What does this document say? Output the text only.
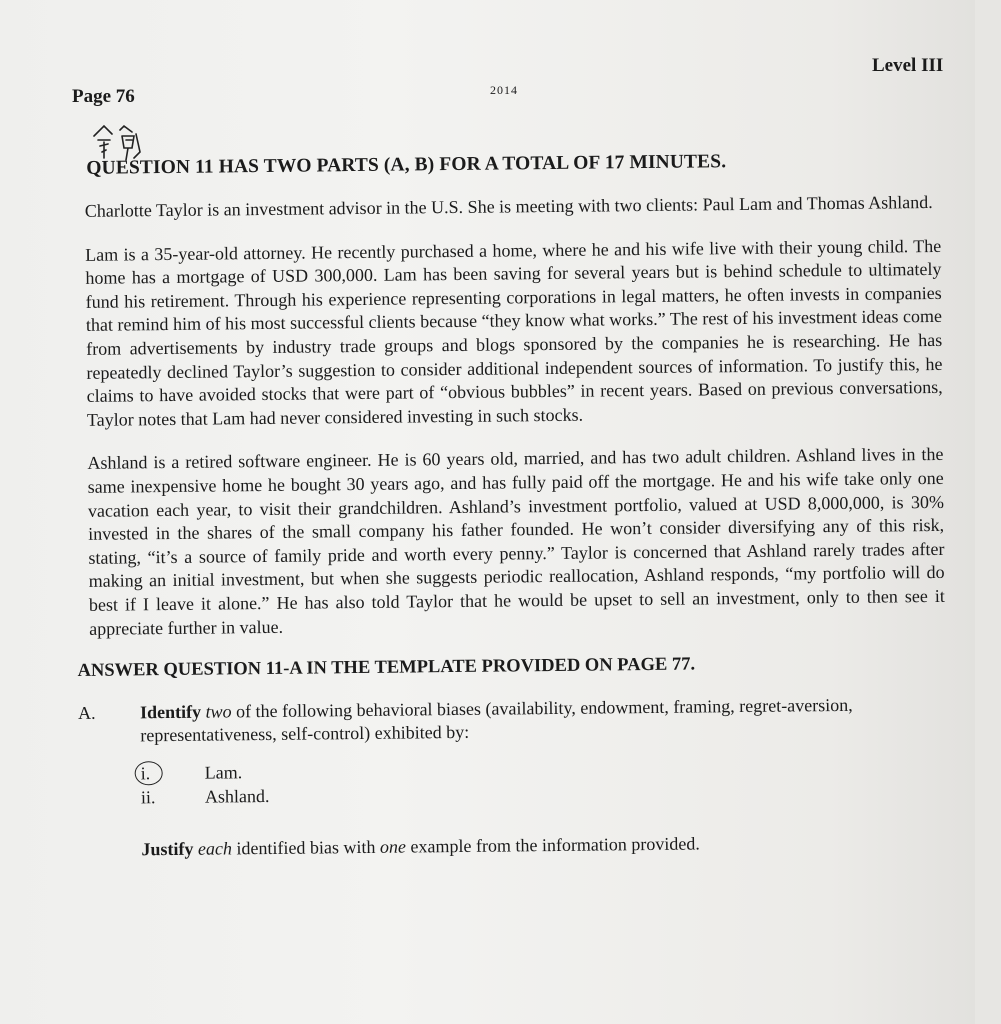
Level III
Page 76	2014
QUESTION 11 HAS TWO PARTS (A, B) FOR A TOTAL OF 17 MINUTES.

Charlotte Taylor is an investment advisor in the U.S. She is meeting with two clients: Paul Lam and Thomas Ashland.

Lam is a 35-year-old attorney. He recently purchased a home, where he and his wife live with their young child. The home has a mortgage of USD 300,000. Lam has been saving for several years but is behind schedule to ultimately fund his retirement. Through his experience representing corporations in legal matters, he often invests in companies that remind him of his most successful clients because “they know what works.” The rest of his investment ideas come from advertisements by industry trade groups and blogs sponsored by the companies he is researching. He has repeatedly declined Taylor’s suggestion to consider additional independent sources of information. To justify this, he claims to have avoided stocks that were part of “obvious bubbles” in recent years. Based on previous conversations, Taylor notes that Lam had never considered investing in such stocks.

Ashland is a retired software engineer. He is 60 years old, married, and has two adult children. Ashland lives in the same inexpensive home he bought 30 years ago, and has fully paid off the mortgage. He and his wife take only one vacation each year, to visit their grandchildren. Ashland’s investment portfolio, valued at USD 8,000,000, is 30% invested in the shares of the small company his father founded. He won’t consider diversifying any of this risk, stating, “it’s a source of family pride and worth every penny.” Taylor is concerned that Ashland rarely trades after making an initial investment, but when she suggests periodic reallocation, Ashland responds, “my portfolio will do best if I leave it alone.” He has also told Taylor that he would be upset to sell an investment, only to then see it appreciate further in value.

ANSWER QUESTION 11-A IN THE TEMPLATE PROVIDED ON PAGE 77.
A.	Identify two of the following behavioral biases (availability, endowment, framing, regret-aversion, representativeness, self-control) exhibited by:
i.	Lam.
ii.	Ashland.
Justify each identified bias with one example from the information provided.
